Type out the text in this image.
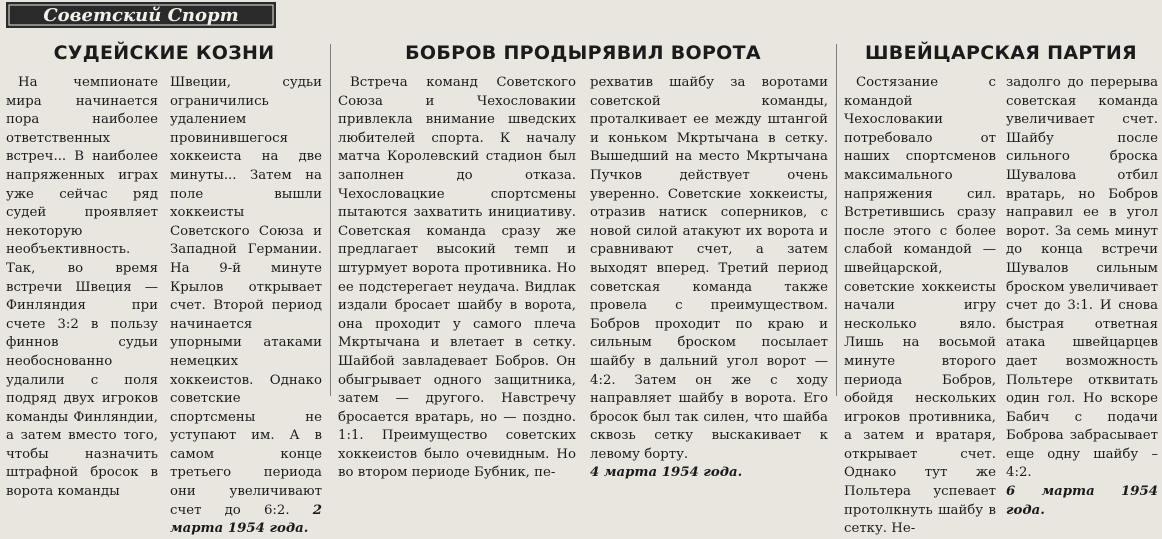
Советский Спорт
СУДЕЙСКИЕ КОЗНИ

На чемпионате мира начинается пора наиболее ответственных встреч... В наиболее напряженных играх уже сейчас ряд судей проявляет некоторую необъективность. Так, во время встречи Швеция — Финляндия при счете 3:2 в пользу финнов судьи необоснованно удалили с поля подряд двух игроков команды Финляндии, а затем вместо того, чтобы назначить штрафной бросок в ворота команды

Швеции, судьи ограничились удалением провинившегося хоккеиста на две минуты... Затем на поле вышли хоккеисты Советского Союза и Западной Германии. На 9-й минуте Крылов открывает счет. Второй период начинается упорными атаками немецких хоккеистов. Однако советские спортсмены не уступают им. А в самом конце третьего периода они увеличивают счет до 6:2. 2 марта 1954 года.
БОБРОВ ПРОДЫРЯВИЛ ВОРОТА

Встреча команд Советского Союза и Чехословакии привлекла внимание шведских любителей спорта. К началу матча Королевский стадион был заполнен до отказа. Чехословацкие спортсмены пытаются захватить инициативу. Советская команда сразу же предлагает высокий темп и штурмует ворота противника. Но ее подстерегает неудача. Видлак издали бросает шайбу в ворота, она проходит у самого плеча Мкртычана и влетает в сетку. Шайбой завладевает Бобров. Он обыгрывает одного защитника, затем — другого. Навстречу бросается вратарь, но — поздно. 1:1. Преимущество советских хоккеистов было очевидным. Но во втором периоде Бубник, пе-

рехватив шайбу за воротами советской команды, проталкивает ее между штангой и коньком Мкртычана в сетку. Вышедший на место Мкртычана Пучков действует очень уверенно. Советские хоккеисты, отразив натиск соперников, с новой силой атакуют их ворота и сравнивают счет, а затем выходят вперед. Третий период советская команда также провела с преимуществом. Бобров проходит по краю и сильным броском посылает шайбу в дальний угол ворот — 4:2. Затем он же с ходу направляет шайбу в ворота. Его бросок был так силен, что шайба сквозь сетку выскакивает к левому борту.
4 марта 1954 года.
ШВЕЙЦАРСКАЯ ПАРТИЯ

Состязание с командой Чехословакии потребовало от наших спортсменов максимального напряжения сил. Встретившись сразу после этого с более слабой командой — швейцарской, советские хоккеисты начали игру несколько вяло. Лишь на восьмой минуте второго периода Бобров, обойдя нескольких игроков противника, а затем и вратаря, открывает счет. Однако тут же Польтера успевает протолкнуть шайбу в сетку. Не-

задолго до перерыва советская команда увеличивает счет. Шайбу после сильного броска Шувалова отбил вратарь, но Бобров направил ее в угол ворот. За семь минут до конца встречи Шувалов сильным броском увеличивает счет до 3:1. И снова быстрая ответная атака швейцарцев дает возможность Польтере отквитать один гол. Но вскоре Бабич с подачи Боброва забрасывает еще одну шайбу – 4:2.
6 марта 1954 года.
